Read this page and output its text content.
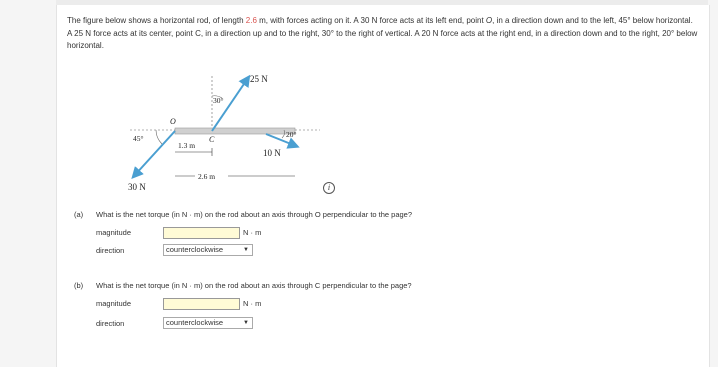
The figure below shows a horizontal rod, of length 2.6 m, with forces acting on it. A 30 N force acts at its left end, point O, in a direction down and to the left, 45° below horizontal. A 25 N force acts at its center, point C, in a direction up and to the right, 30° to the right of vertical. A 20 N force acts at the right end, in a direction down and to the right, 20° below horizontal.
25 N
30°
O
45°
1.3 m
C
20°
10 N
2.6 m
30 N	i
(a) What is the net torque (in N · m) on the rod about an axis through O perpendicular to the page?
magnitude	N · m
direction	counterclockwise	▼
(b) What is the net torque (in N · m) on the rod about an axis through C perpendicular to the page?
magnitude	N · m
direction	counterclockwise	▼
